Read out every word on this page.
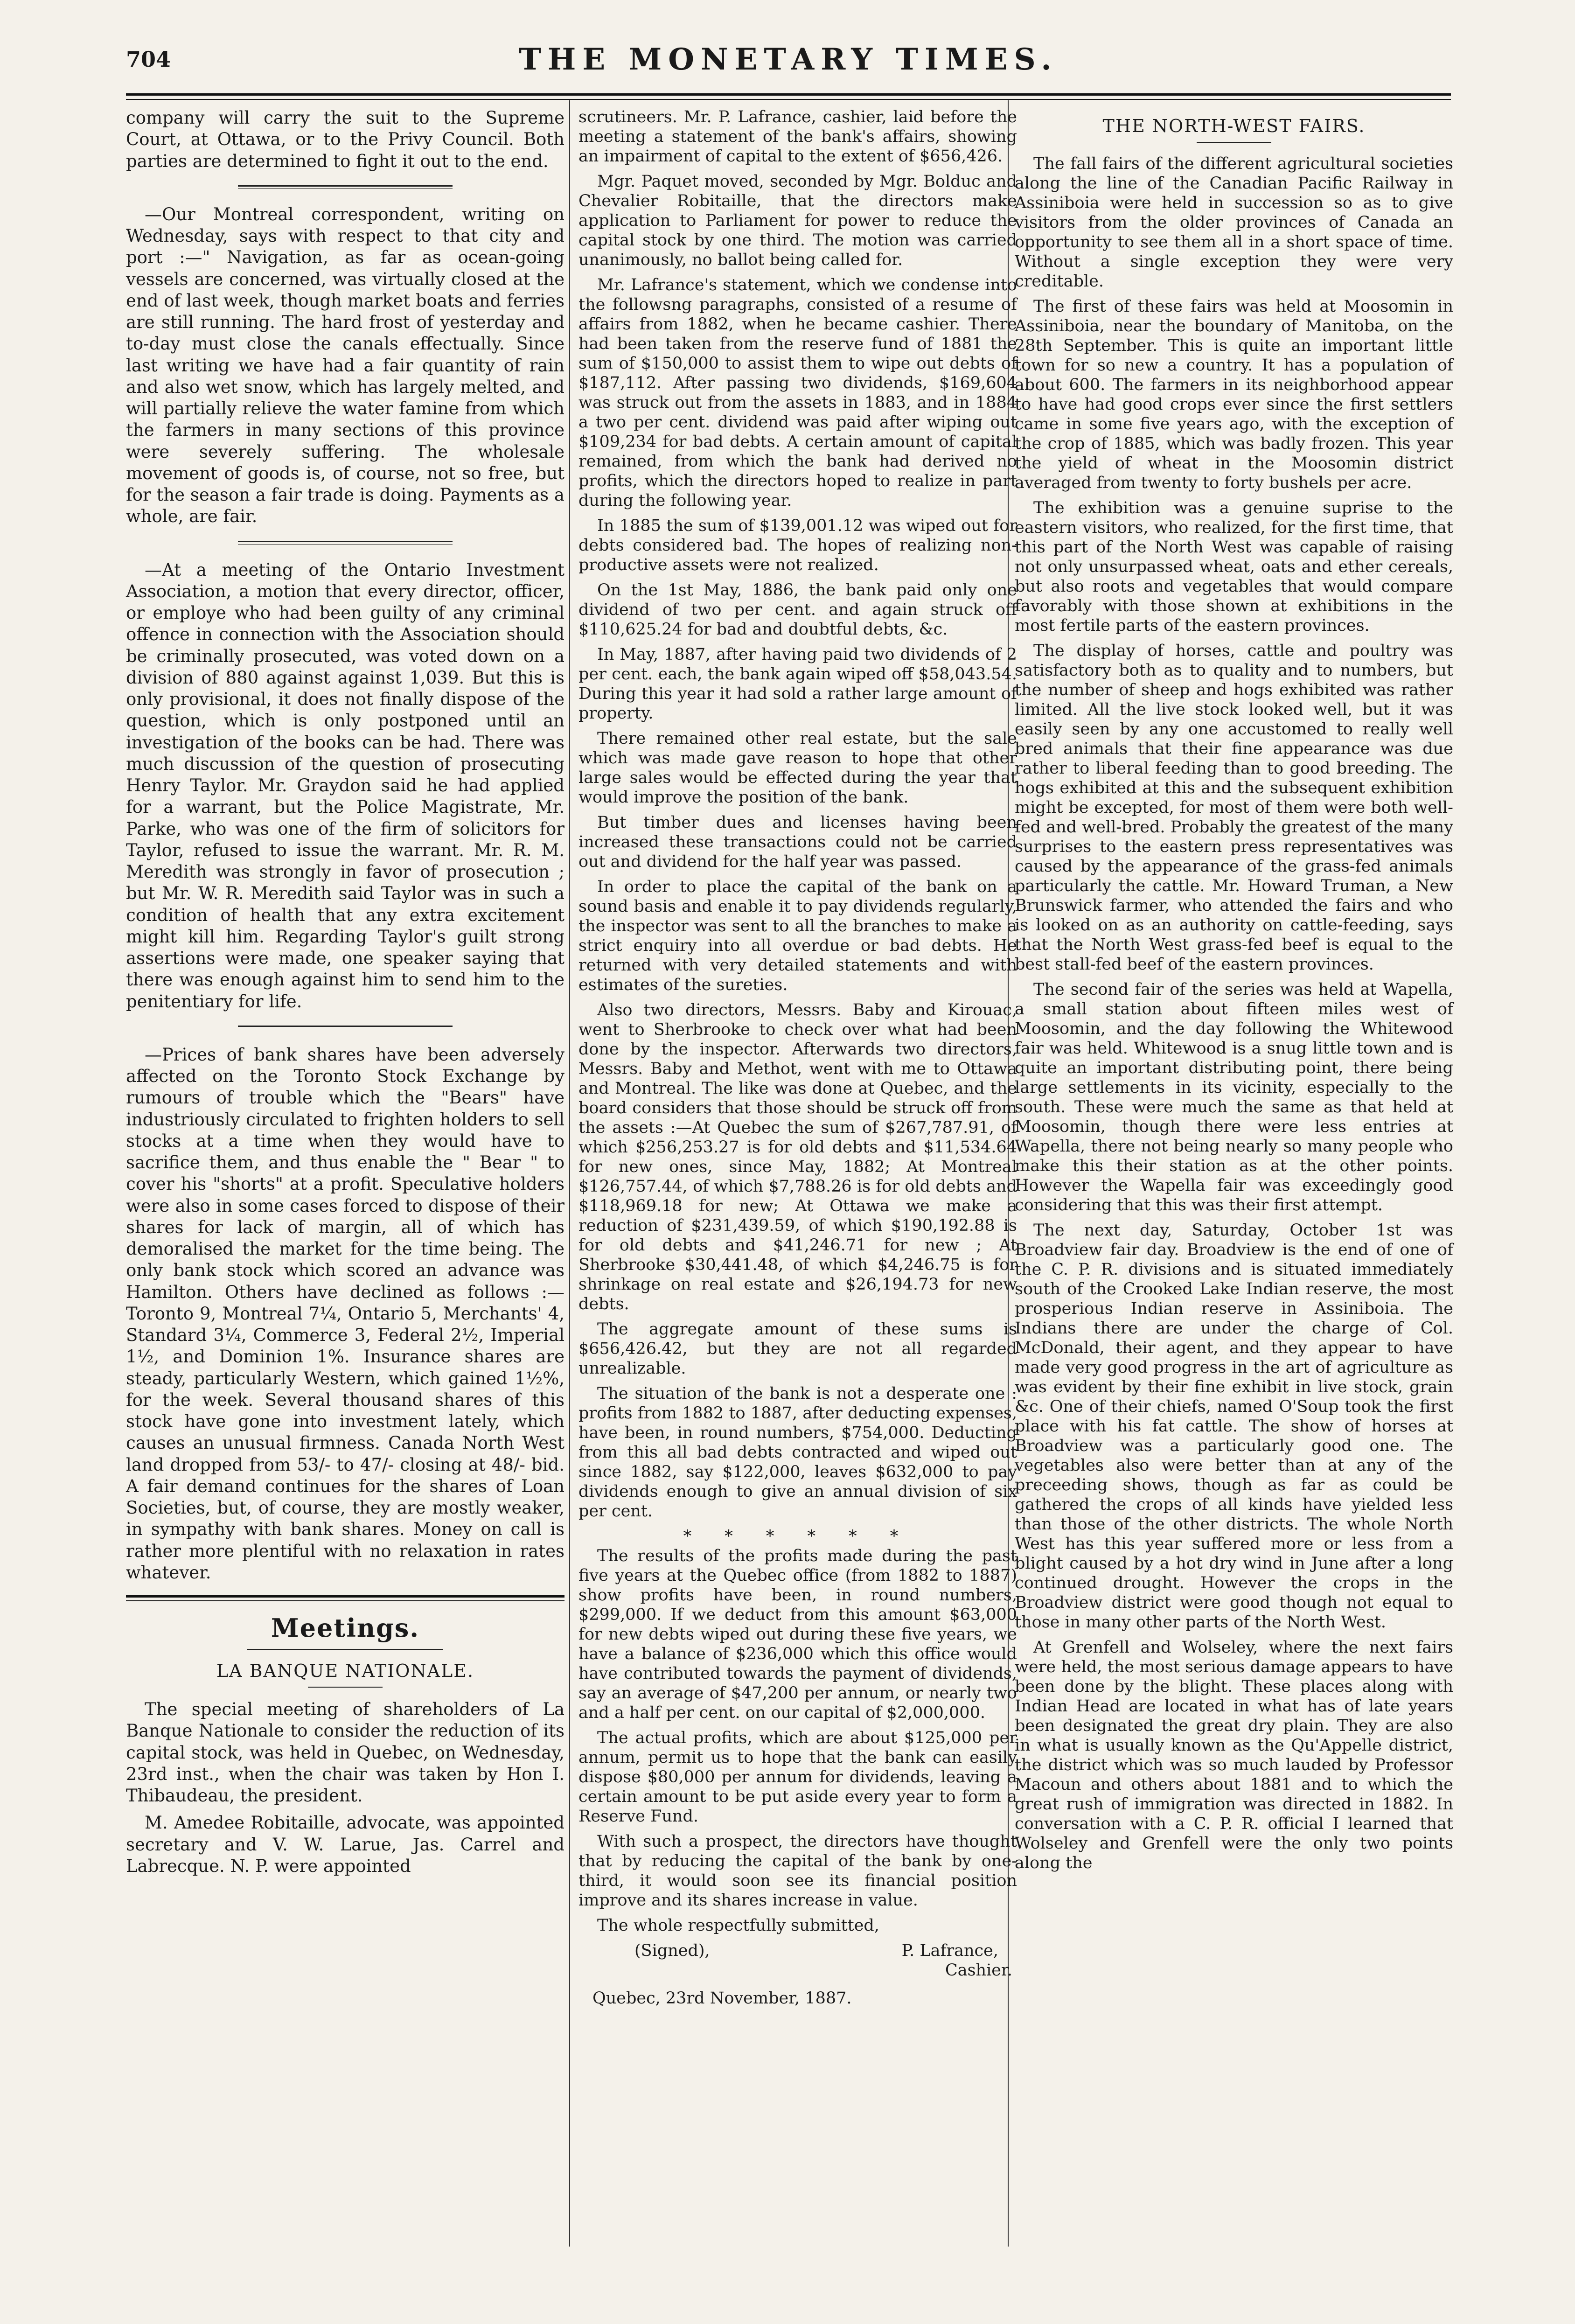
704	THE MONETARY TIMES.

company will carry the suit to the Supreme Court, at Ottawa, or to the Privy Council. Both parties are determined to fight it out to the end.

—Our Montreal correspondent, writing on Wednesday, says with respect to that city and port :—" Navigation, as far as ocean-going vessels are concerned, was virtually closed at the end of last week, though market boats and ferries are still running. The hard frost of yesterday and to-day must close the canals effectually. Since last writing we have had a fair quantity of rain and also wet snow, which has largely melted, and will partially relieve the water famine from which the farmers in many sections of this province were severely suffering. The wholesale movement of goods is, of course, not so free, but for the season a fair trade is doing. Payments as a whole, are fair.

—At a meeting of the Ontario Investment Association, a motion that every director, officer, or employe who had been guilty of any criminal offence in connection with the Association should be criminally prosecuted, was voted down on a division of 880 against against 1,039. But this is only provisional, it does not finally dispose of the question, which is only postponed until an investigation of the books can be had. There was much discussion of the question of prosecuting Henry Taylor. Mr. Graydon said he had applied for a warrant, but the Police Magistrate, Mr. Parke, who was one of the firm of solicitors for Taylor, refused to issue the warrant. Mr. R. M. Meredith was strongly in favor of prosecution ; but Mr. W. R. Meredith said Taylor was in such a condition of health that any extra excitement might kill him. Regarding Taylor's guilt strong assertions were made, one speaker saying that there was enough against him to send him to the penitentiary for life.

—Prices of bank shares have been adversely affected on the Toronto Stock Exchange by rumours of trouble which the "Bears" have industriously circulated to frighten holders to sell stocks at a time when they would have to sacrifice them, and thus enable the " Bear " to cover his "shorts" at a profit. Speculative holders were also in some cases forced to dispose of their shares for lack of margin, all of which has demoralised the market for the time being. The only bank stock which scored an advance was Hamilton. Others have declined as follows :—Toronto 9, Montreal 7¼, Ontario 5, Merchants' 4, Standard 3¼, Commerce 3, Federal 2½, Imperial 1½, and Dominion 1%. Insurance shares are steady, particularly Western, which gained 1½%, for the week. Several thousand shares of this stock have gone into investment lately, which causes an unusual firmness. Canada North West land dropped from 53/- to 47/- closing at 48/- bid. A fair demand continues for the shares of Loan Societies, but, of course, they are mostly weaker, in sympathy with bank shares. Money on call is rather more plentiful with no relaxation in rates whatever.

Meetings.
LA BANQUE NATIONALE.

The special meeting of shareholders of La Banque Nationale to consider the reduction of its capital stock, was held in Quebec, on Wednesday, 23rd inst., when the chair was taken by Hon I. Thibaudeau, the president.

M. Amedee Robitaille, advocate, was appointed secretary and V. W. Larue, Jas. Carrel and Labrecque. N. P. were appointed

scrutineers. Mr. P. Lafrance, cashier, laid before the meeting a statement of the bank's affairs, showing an impairment of capital to the extent of $656,426.

Mgr. Paquet moved, seconded by Mgr. Bolduc and Chevalier Robitaille, that the directors make application to Parliament for power to reduce the capital stock by one third. The motion was carried unanimously, no ballot being called for.

Mr. Lafrance's statement, which we condense into the followsng paragraphs, consisted of a resume of affairs from 1882, when he became cashier. There had been taken from the reserve fund of 1881 the sum of $150,000 to assist them to wipe out debts of $187,112. After passing two dividends, $169,604 was struck out from the assets in 1883, and in 1884 a two per cent. dividend was paid after wiping out $109,234 for bad debts. A certain amount of capital remained, from which the bank had derived no profits, which the directors hoped to realize in part during the following year.

In 1885 the sum of $139,001.12 was wiped out for debts considered bad. The hopes of realizing non-productive assets were not realized.

On the 1st May, 1886, the bank paid only one dividend of two per cent. and again struck off $110,625.24 for bad and doubtful debts, &c.

In May, 1887, after having paid two dividends of 2 per cent. each, the bank again wiped off $58,043.54. During this year it had sold a rather large amount of property.

There remained other real estate, but the sale which was made gave reason to hope that other large sales would be effected during the year that would improve the position of the bank.

But timber dues and licenses having been increased these transactions could not be carried out and dividend for the half year was passed.

In order to place the capital of the bank on a sound basis and enable it to pay dividends regularly, the inspector was sent to all the branches to make a strict enquiry into all overdue or bad debts. He returned with very detailed statements and with estimates of the sureties.

Also two directors, Messrs. Baby and Kirouac, went to Sherbrooke to check over what had been done by the inspector. Afterwards two directors, Messrs. Baby and Methot, went with me to Ottawa and Montreal. The like was done at Quebec, and the board considers that those should be struck off from the assets :—At Quebec the sum of $267,787.91, of which $256,253.27 is for old debts and $11,534.64 for new ones, since May, 1882; At Montreal $126,757.44, of which $7,788.26 is for old debts and $118,969.18 for new; At Ottawa we make a reduction of $231,439.59, of which $190,192.88 is for old debts and $41,246.71 for new ; At Sherbrooke $30,441.48, of which $4,246.75 is for shrinkage on real estate and $26,194.73 for new debts.

The aggregate amount of these sums is $656,426.42, but they are not all regarded unrealizable.

The situation of the bank is not a desperate one : profits from 1882 to 1887, after deducting expenses, have been, in round numbers, $754,000. Deducting from this all bad debts contracted and wiped out since 1882, say $122,000, leaves $632,000 to pay dividends enough to give an annual division of six per cent.

* * * * * *

The results of the profits made during the past five years at the Quebec office (from 1882 to 1887) show profits have been, in round numbers, $299,000. If we deduct from this amount $63,000 for new debts wiped out during these five years, we have a balance of $236,000 which this office would have contributed towards the payment of dividends, say an average of $47,200 per annum, or nearly two and a half per cent. on our capital of $2,000,000.

The actual profits, which are about $125,000 per annum, permit us to hope that the bank can easily dispose $80,000 per annum for dividends, leaving a certain amount to be put aside every year to form a Reserve Fund.

With such a prospect, the directors have thought that by reducing the capital of the bank by one-third, it would soon see its financial position improve and its shares increase in value.

The whole respectfully submitted,

(Signed),	P. Lafrance,
Cashier.
Quebec, 23rd November, 1887.
THE NORTH-WEST FAIRS.

The fall fairs of the different agricultural societies along the line of the Canadian Pacific Railway in Assiniboia were held in succession so as to give visitors from the older provinces of Canada an opportunity to see them all in a short space of time. Without a single exception they were very creditable.

The first of these fairs was held at Moosomin in Assiniboia, near the boundary of Manitoba, on the 28th September. This is quite an important little town for so new a country. It has a population of about 600. The farmers in its neighborhood appear to have had good crops ever since the first settlers came in some five years ago, with the exception of the crop of 1885, which was badly frozen. This year the yield of wheat in the Moosomin district averaged from twenty to forty bushels per acre.

The exhibition was a genuine suprise to the eastern visitors, who realized, for the first time, that this part of the North West was capable of raising not only unsurpassed wheat, oats and ether cereals, but also roots and vegetables that would compare favorably with those shown at exhibitions in the most fertile parts of the eastern provinces.

The display of horses, cattle and poultry was satisfactory both as to quality and to numbers, but the number of sheep and hogs exhibited was rather limited. All the live stock looked well, but it was easily seen by any one accustomed to really well bred animals that their fine appearance was due rather to liberal feeding than to good breeding. The hogs exhibited at this and the subsequent exhibition might be excepted, for most of them were both well-fed and well-bred. Probably the greatest of the many surprises to the eastern press representatives was caused by the appearance of the grass-fed animals particularly the cattle. Mr. Howard Truman, a New Brunswick farmer, who attended the fairs and who is looked on as an authority on cattle-feeding, says that the North West grass-fed beef is equal to the best stall-fed beef of the eastern provinces.

The second fair of the series was held at Wapella, a small station about fifteen miles west of Moosomin, and the day following the Whitewood fair was held. Whitewood is a snug little town and is quite an important distributing point, there being large settlements in its vicinity, especially to the south. These were much the same as that held at Moosomin, though there were less entries at Wapella, there not being nearly so many people who make this their station as at the other points. However the Wapella fair was exceedingly good considering that this was their first attempt.

The next day, Saturday, October 1st was Broadview fair day. Broadview is the end of one of the C. P. R. divisions and is situated immediately south of the Crooked Lake Indian reserve, the most prosperious Indian reserve in Assiniboia. The Indians there are under the charge of Col. McDonald, their agent, and they appear to have made very good progress in the art of agriculture as was evident by their fine exhibit in live stock, grain &c. One of their chiefs, named O'Soup took the first place with his fat cattle. The show of horses at Broadview was a particularly good one. The vegetables also were better than at any of the preceeding shows, though as far as could be gathered the crops of all kinds have yielded less than those of the other districts. The whole North West has this year suffered more or less from a blight caused by a hot dry wind in June after a long continued drought. However the crops in the Broadview district were good though not equal to those in many other parts of the North West.

At Grenfell and Wolseley, where the next fairs were held, the most serious damage appears to have been done by the blight. These places along with Indian Head are located in what has of late years been designated the great dry plain. They are also in what is usually known as the Qu'Appelle district, the district which was so much lauded by Professor Macoun and others about 1881 and to which the great rush of immigration was directed in 1882. In conversation with a C. P. R. official I learned that Wolseley and Grenfell were the only two points along the
